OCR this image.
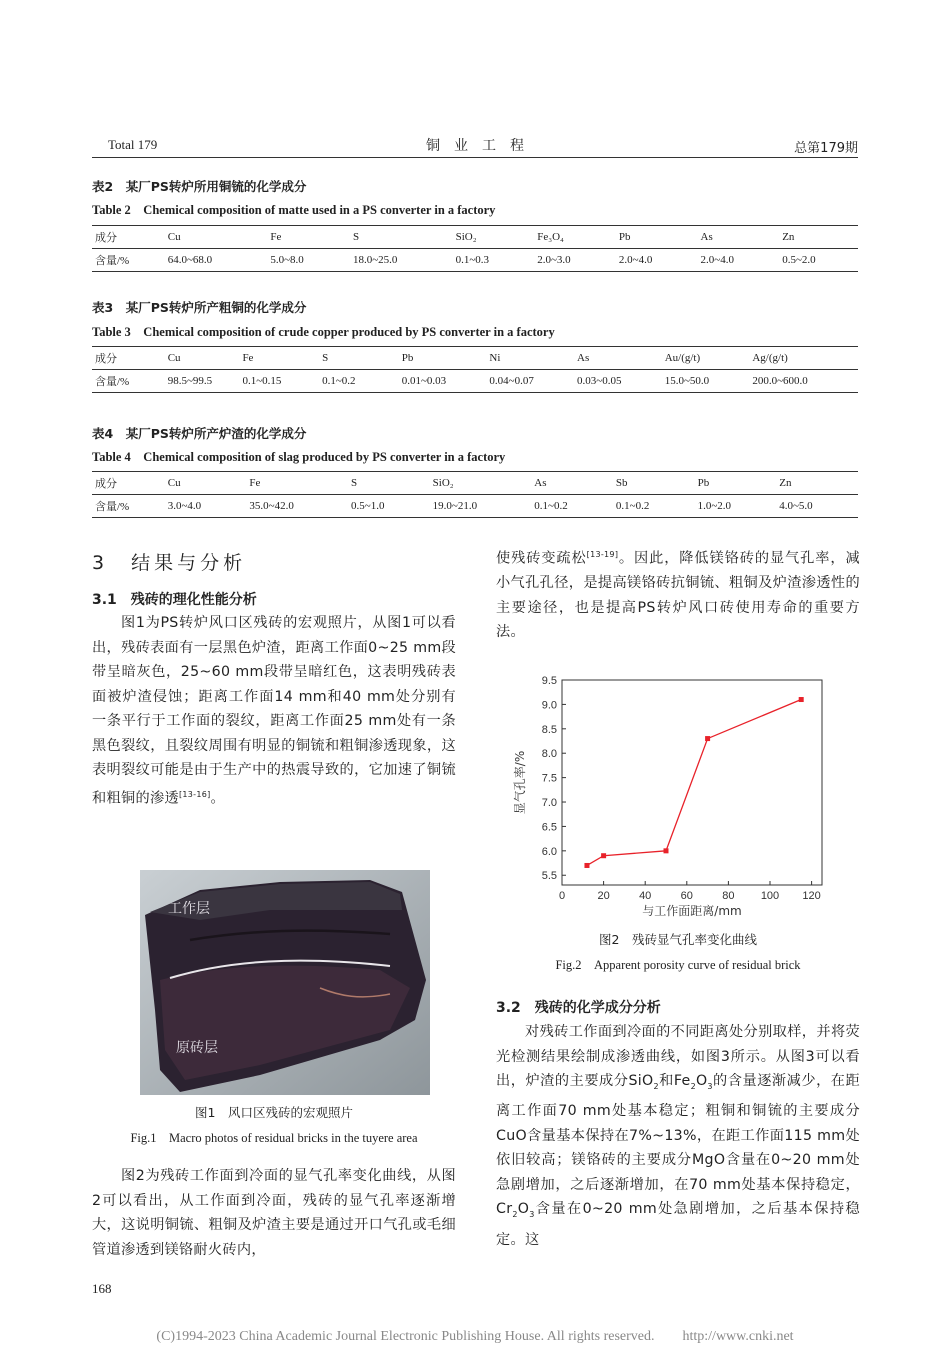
Total 179	铜　业　工　程	总第179期
表2　某厂PS转炉所用铜锍的化学成分
Table 2　Chemical composition of matte used in a PS converter in a factory
成分	Cu	Fe	S	SiO₂	Fe₃O₄	Pb	As	Zn
含量/%	64.0~68.0	5.0~8.0	18.0~25.0	0.1~0.3	2.0~3.0	2.0~4.0	2.0~4.0	0.5~2.0
表3　某厂PS转炉所产粗铜的化学成分
Table 3　Chemical composition of crude copper produced by PS converter in a factory
成分	Cu	Fe	S	Pb	Ni	As	Au/(g/t)	Ag/(g/t)
含量/%	98.5~99.5	0.1~0.15	0.1~0.2	0.01~0.03	0.04~0.07	0.03~0.05	15.0~50.0	200.0~600.0
表4　某厂PS转炉所产炉渣的化学成分
Table 4　Chemical composition of slag produced by PS converter in a factory
成分	Cu	Fe	S	SiO₂	As	Sb	Pb	Zn
含量/%	3.0~4.0	35.0~42.0	0.5~1.0	19.0~21.0	0.1~0.2	0.1~0.2	1.0~2.0	4.0~5.0
3　结果与分析
3.1　残砖的理化性能分析
图1为PS转炉风口区残砖的宏观照片，从图1可以看出，残砖表面有一层黑色炉渣，距离工作面0~25 mm段带呈暗灰色，25~60 mm段带呈暗红色，这表明残砖表面被炉渣侵蚀；距离工作面14 mm和40 mm处分别有一条平行于工作面的裂纹，距离工作面25 mm处有一条黑色裂纹，且裂纹周围有明显的铜锍和粗铜渗透现象，这表明裂纹可能是由于生产中的热震导致的，它加速了铜锍和粗铜的渗透[13-16]。
工作层
原砖层
图1　风口区残砖的宏观照片
Fig.1　Macro photos of residual bricks in the tuyere area
图2为残砖工作面到冷面的显气孔率变化曲线，从图2可以看出，从工作面到冷面，残砖的显气孔率逐渐增大，这说明铜锍、粗铜及炉渣主要是通过开口气孔或毛细管道渗透到镁铬耐火砖内，
使残砖变疏松[13-19]。因此，降低镁铬砖的显气孔率，减小气孔孔径，是提高镁铬砖抗铜锍、粗铜及炉渣渗透性的主要途径，也是提高PS转炉风口砖使用寿命的重要方法。
0	20	40	60	80 100 120
5.5
6.0
6.5
7.0
7.5
8.0
8.5
9.0
9.5
与工作面距离/mm
显气孔率/%
图2　残砖显气孔率变化曲线
Fig.2　Apparent porosity curve of residual brick
3.2　残砖的化学成分分析
对残砖工作面到冷面的不同距离处分别取样，并将荧光检测结果绘制成渗透曲线，如图3所示。从图3可以看出，炉渣的主要成分SiO$_2$和$Fe_2O_3$的含量逐渐减少，在距离工作面70 mm处基本稳定；粗铜和铜锍的主要成分CuO含量基本保持在7%~13%，在距工作面115 mm处依旧较高；镁铬砖的主要成分MgO含量在0~20 mm处急剧增加，之后逐渐增加，在70 mm处基本保持稳定，$Cr_2O_3$含量在0~20 mm处急剧增加，之后基本保持稳定。这
168
(C)1994-2023 China Academic Journal Electronic Publishing House. All rights reserved.　　http://www.cnki.net
